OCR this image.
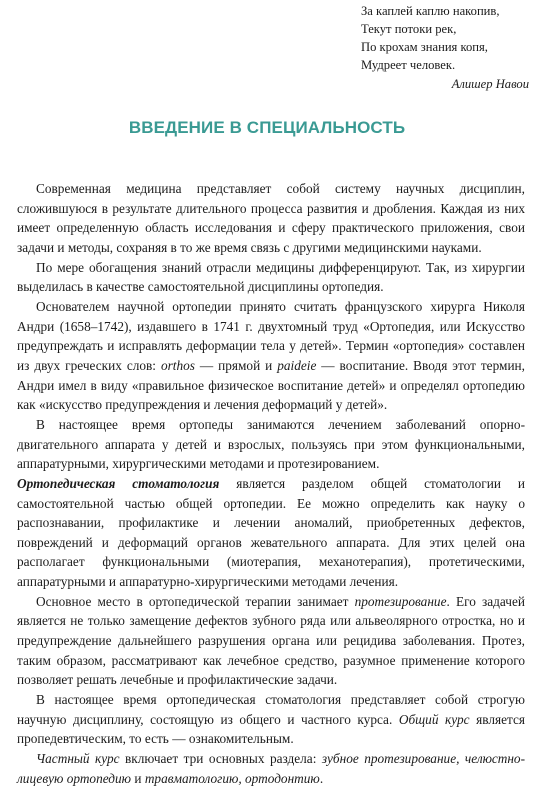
За каплей каплю накопив,
Текут потоки рек,
По крохам знания копя,
Мудреет человек.
Алишер Навои
ВВЕДЕНИЕ В СПЕЦИАЛЬНОСТЬ

Современная медицина представляет собой систему научных дисциплин, сложившуюся в результате длительного процесса развития и дробления. Каждая из них имеет определенную область исследования и сферу практического приложения, свои задачи и методы, сохраняя в то же время связь с другими медицинскими науками.

По мере обогащения знаний отрасли медицины дифференцируют. Так, из хирургии выделилась в качестве самостоятельной дисциплины ортопедия.

Основателем научной ортопедии принято считать французского хирурга Николя Андри (1658–1742), издавшего в 1741 г. двухтомный труд «Ортопедия, или Искусство предупреждать и исправлять деформации тела у детей». Термин «ортопедия» составлен из двух греческих слов: orthos — прямой и paideie — воспитание. Вводя этот термин, Андри имел в виду «правильное физическое воспитание детей» и определял ортопедию как «искусство предупреждения и лечения деформаций у детей».

В настоящее время ортопеды занимаются лечением заболеваний опорно-двигательного аппарата у детей и взрослых, пользуясь при этом функциональными, аппаратурными, хирургическими методами и протезированием.

Ортопедическая стоматология является разделом общей стоматологии и самостоятельной частью общей ортопедии. Ее можно определить как науку о распознавании, профилактике и лечении аномалий, приобретенных дефектов, повреждений и деформаций органов жевательного аппарата. Для этих целей она располагает функциональными (миотерапия, механотерапия), протетическими, аппаратурными и аппаратурно-хирургическими методами лечения.

Основное место в ортопедической терапии занимает протезирование. Его задачей является не только замещение дефектов зубного ряда или альвеолярного отростка, но и предупреждение дальнейшего разрушения органа или рецидива заболевания. Протез, таким образом, рассматривают как лечебное средство, разумное применение которого позволяет решать лечебные и профилактические задачи.

В настоящее время ортопедическая стоматология представляет собой строгую научную дисциплину, состоящую из общего и частного курса. Общий курс является пропедевтическим, то есть — ознакомительным.

Частный курс включает три основных раздела: зубное протезирование, челюстно-лицевую ортопедию и травматологию, ортодонтию.
